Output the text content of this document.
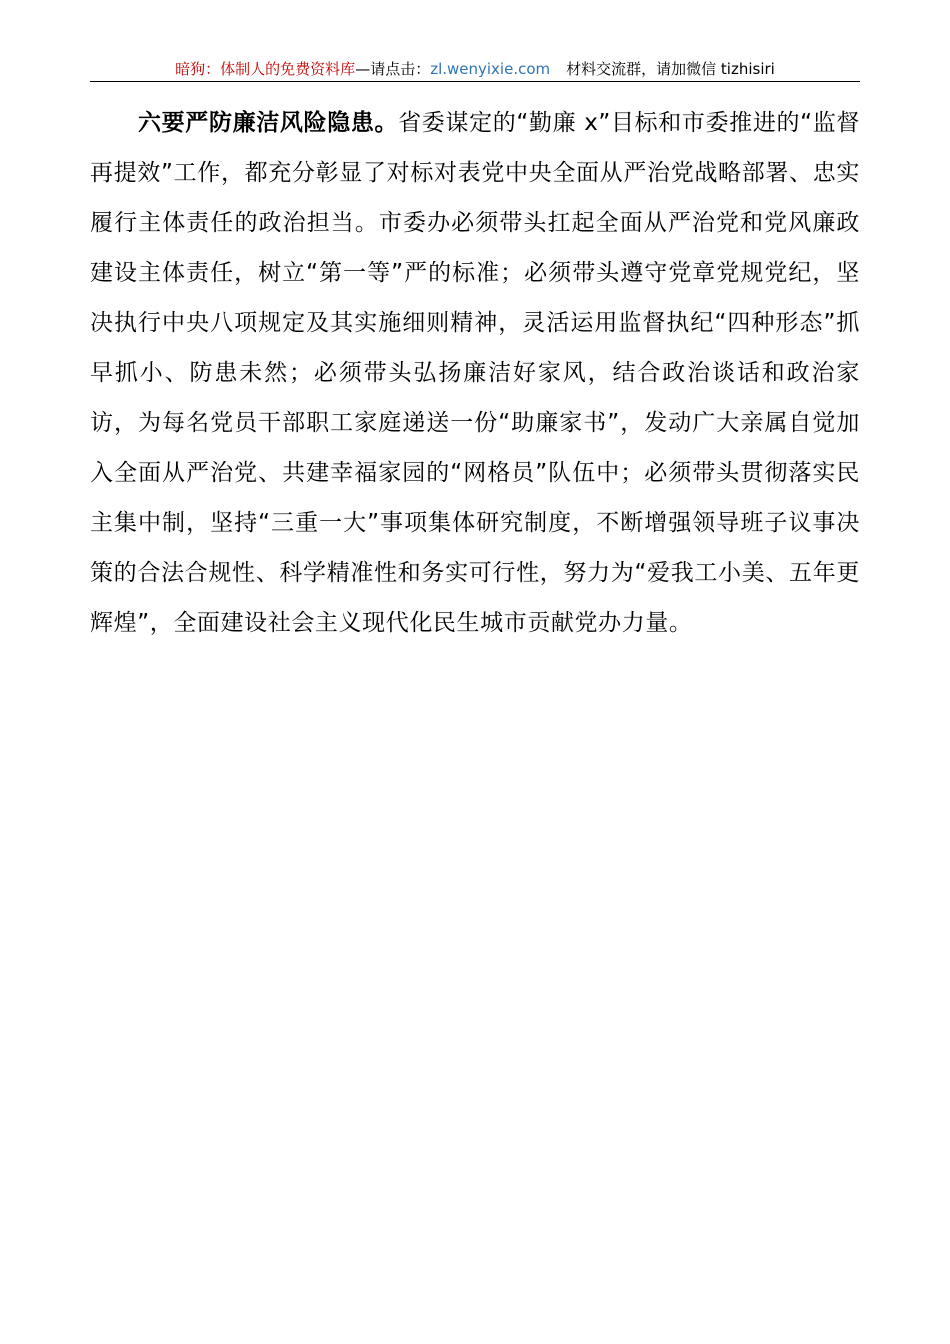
暗狗：体制人的免费资料库—请点击：zl.wenyixie.com 材料交流群，请加微信 tizhisiri

六要严防廉洁风险隐患。省委谋定的“勤廉 x”目标和市委推进的“监督再提效”工作，都充分彰显了对标对表党中央全面从严治党战略部署、忠实履行主体责任的政治担当。市委办必须带头扛起全面从严治党和党风廉政建设主体责任，树立“第一等”严的标准；必须带头遵守党章党规党纪，坚决执行中央八项规定及其实施细则精神，灵活运用监督执纪“四种形态”抓早抓小、防患未然；必须带头弘扬廉洁好家风，结合政治谈话和政治家访，为每名党员干部职工家庭递送一份“助廉家书”，发动广大亲属自觉加入全面从严治党、共建幸福家园的“网格员”队伍中；必须带头贯彻落实民主集中制，坚持“三重一大”事项集体研究制度，不断增强领导班子议事决策的合法合规性、科学精准性和务实可行性，努力为“爱我工小美、五年更辉煌”，全面建设社会主义现代化民生城市贡献党办力量。
